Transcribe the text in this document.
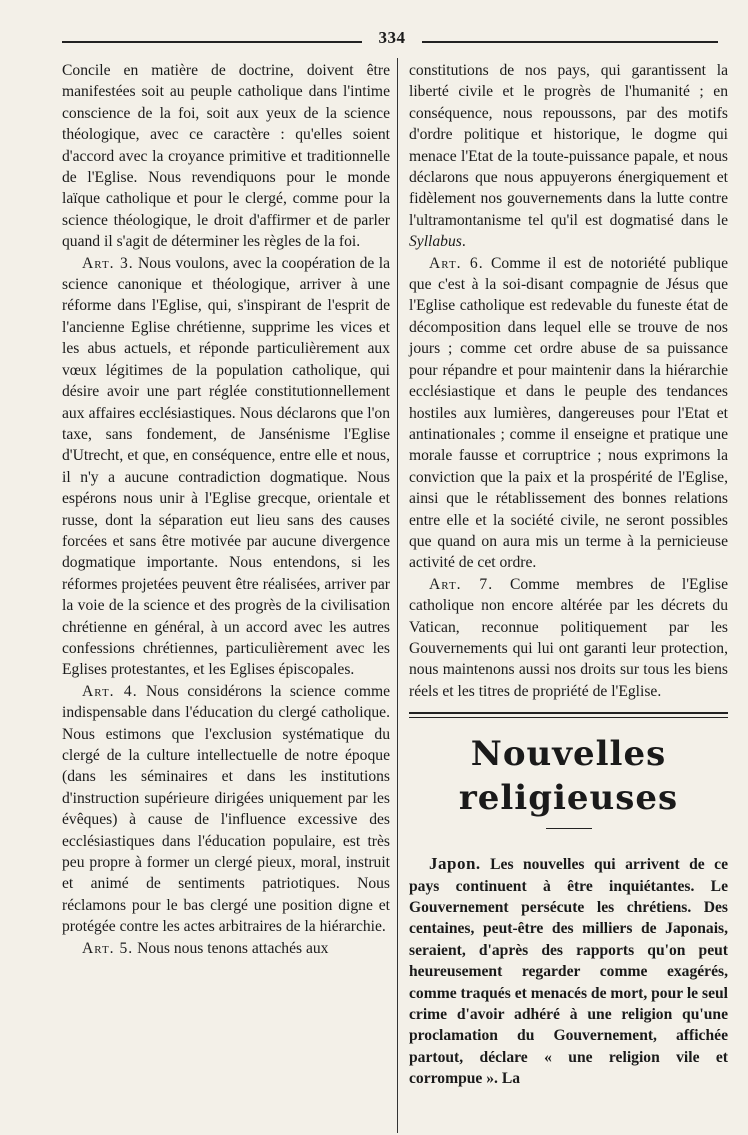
334

Concile en matière de doctrine, doivent être manifestées soit au peuple catholique dans l'intime conscience de la foi, soit aux yeux de la science théologique, avec ce caractère : qu'elles soient d'accord avec la croyance primitive et traditionnelle de l'Eglise. Nous revendiquons pour le monde laïque catholique et pour le clergé, comme pour la science théologique, le droit d'affirmer et de parler quand il s'agit de déterminer les règles de la foi.

Art. 3. Nous voulons, avec la coopération de la science canonique et théologique, arriver à une réforme dans l'Eglise, qui, s'inspirant de l'esprit de l'ancienne Eglise chrétienne, supprime les vices et les abus actuels, et réponde particulièrement aux vœux légitimes de la population catholique, qui désire avoir une part réglée constitutionnellement aux affaires ecclésiastiques. Nous déclarons que l'on taxe, sans fondement, de Jansénisme l'Eglise d'Utrecht, et que, en conséquence, entre elle et nous, il n'y a aucune contradiction dogmatique. Nous espérons nous unir à l'Eglise grecque, orientale et russe, dont la séparation eut lieu sans des causes forcées et sans être motivée par aucune divergence dogmatique importante. Nous entendons, si les réformes projetées peuvent être réalisées, arriver par la voie de la science et des progrès de la civilisation chrétienne en général, à un accord avec les autres confessions chrétiennes, particulièrement avec les Eglises protestantes, et les Eglises épiscopales.

Art. 4. Nous considérons la science comme indispensable dans l'éducation du clergé catholique. Nous estimons que l'exclusion systématique du clergé de la culture intellectuelle de notre époque (dans les séminaires et dans les institutions d'instruction supérieure dirigées uniquement par les évêques) à cause de l'influence excessive des ecclésiastiques dans l'éducation populaire, est très peu propre à former un clergé pieux, moral, instruit et animé de sentiments patriotiques. Nous réclamons pour le bas clergé une position digne et protégée contre les actes arbitraires de la hiérarchie.

Art. 5. Nous nous tenons attachés aux

constitutions de nos pays, qui garantissent la liberté civile et le progrès de l'humanité ; en conséquence, nous repoussons, par des motifs d'ordre politique et historique, le dogme qui menace l'Etat de la toute-puissance papale, et nous déclarons que nous appuyerons énergiquement et fidèlement nos gouvernements dans la lutte contre l'ultramontanisme tel qu'il est dogmatisé dans le Syllabus.

Art. 6. Comme il est de notoriété publique que c'est à la soi-disant compagnie de Jésus que l'Eglise catholique est redevable du funeste état de décomposition dans lequel elle se trouve de nos jours ; comme cet ordre abuse de sa puissance pour répandre et pour maintenir dans la hiérarchie ecclésiastique et dans le peuple des tendances hostiles aux lumières, dangereuses pour l'Etat et antinationales ; comme il enseigne et pratique une morale fausse et corruptrice ; nous exprimons la conviction que la paix et la prospérité de l'Eglise, ainsi que le rétablissement des bonnes relations entre elle et la société civile, ne seront possibles que quand on aura mis un terme à la pernicieuse activité de cet ordre.

Art. 7. Comme membres de l'Eglise catholique non encore altérée par les décrets du Vatican, reconnue politiquement par les Gouvernements qui lui ont garanti leur protection, nous maintenons aussi nos droits sur tous les biens réels et les titres de propriété de l'Eglise.

Nouvelles religieuses

Japon. Les nouvelles qui arrivent de ce pays continuent à être inquiétantes. Le Gouvernement persécute les chrétiens. Des centaines, peut-être des milliers de Japonais, seraient, d'après des rapports qu'on peut heureusement regarder comme exagérés, comme traqués et menacés de mort, pour le seul crime d'avoir adhéré à une religion qu'une proclamation du Gouvernement, affichée partout, déclare « une religion vile et corrompue ». La
